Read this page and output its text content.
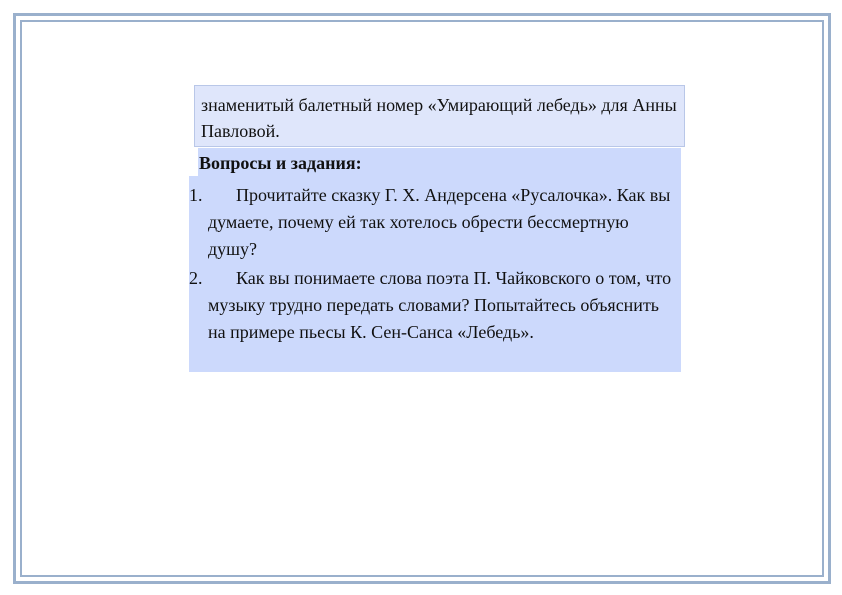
знаменитый балетный номер «Умирающий лебедь» для Анны Павловой.
Вопросы и задания:
1.	Прочитайте сказку Г. Х. Андерсена «Русалочка». Как вы думаете, почему ей так хотелось обрести бессмертную душу?
2.	Как вы понимаете слова поэта П. Чайковского о том, что музыку трудно передать словами? Попытайтесь объяснить на примере пьесы К. Сен-Санса «Лебедь».
